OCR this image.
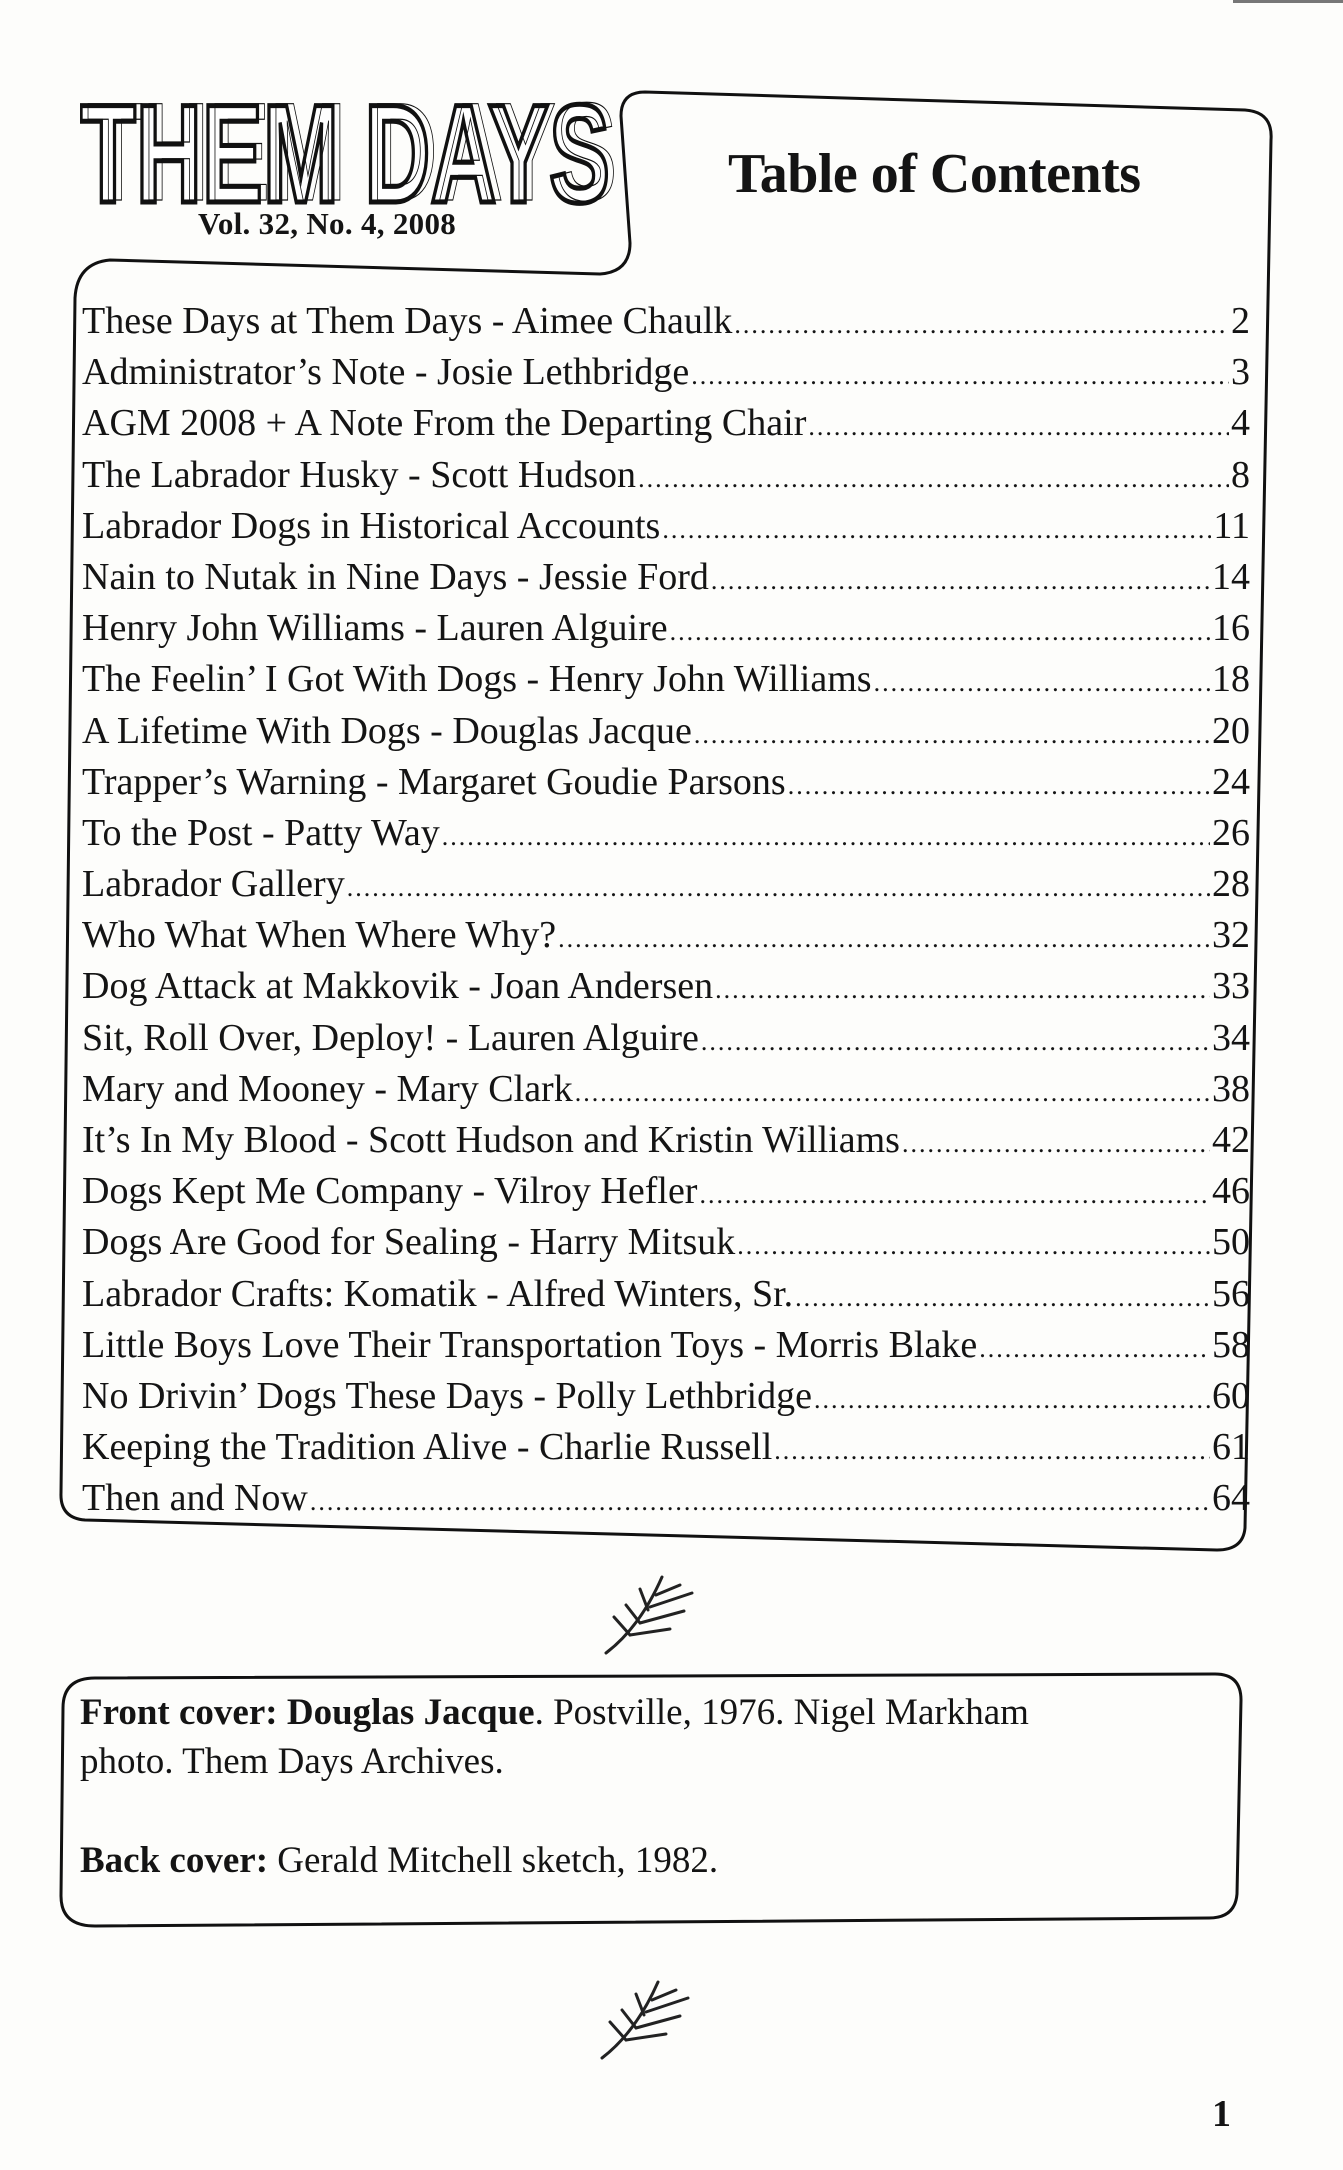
THEM DAYS
THEM DAYS
Vol. 32, No. 4, 2008
Table of Contents
These Days at Them Days - Aimee Chaulk .....	2
Administrator’s Note - Josie Lethbridge .....	3
AGM 2008 + A Note From the Departing Chair .....	4
The Labrador Husky - Scott Hudson .....	8
Labrador Dogs in Historical Accounts .....	11
Nain to Nutak in Nine Days - Jessie Ford .....	14
Henry John Williams - Lauren Alguire .....	16
The Feelin’ I Got With Dogs - Henry John Williams .....	18
A Lifetime With Dogs - Douglas Jacque .....	20
Trapper’s Warning - Margaret Goudie Parsons .....	24
To the Post - Patty Way .....	26
Labrador Gallery .....	28
Who What When Where Why? .....	32
Dog Attack at Makkovik - Joan Andersen .....	33
Sit, Roll Over, Deploy! - Lauren Alguire .....	34
Mary and Mooney - Mary Clark .....	38
It’s In My Blood - Scott Hudson and Kristin Williams .....	42
Dogs Kept Me Company - Vilroy Hefler .....	46
Dogs Are Good for Sealing - Harry Mitsuk .....	50
Labrador Crafts: Komatik - Alfred Winters, Sr. .....	56
Little Boys Love Their Transportation Toys - Morris Blake .....	58
No Drivin’ Dogs These Days - Polly Lethbridge .....	60
Keeping the Tradition Alive - Charlie Russell .....	61
Then and Now .....	64
Front cover: Douglas Jacque. Postville, 1976. Nigel Markham
photo. Them Days Archives.
Back cover: Gerald Mitchell sketch, 1982.
1
